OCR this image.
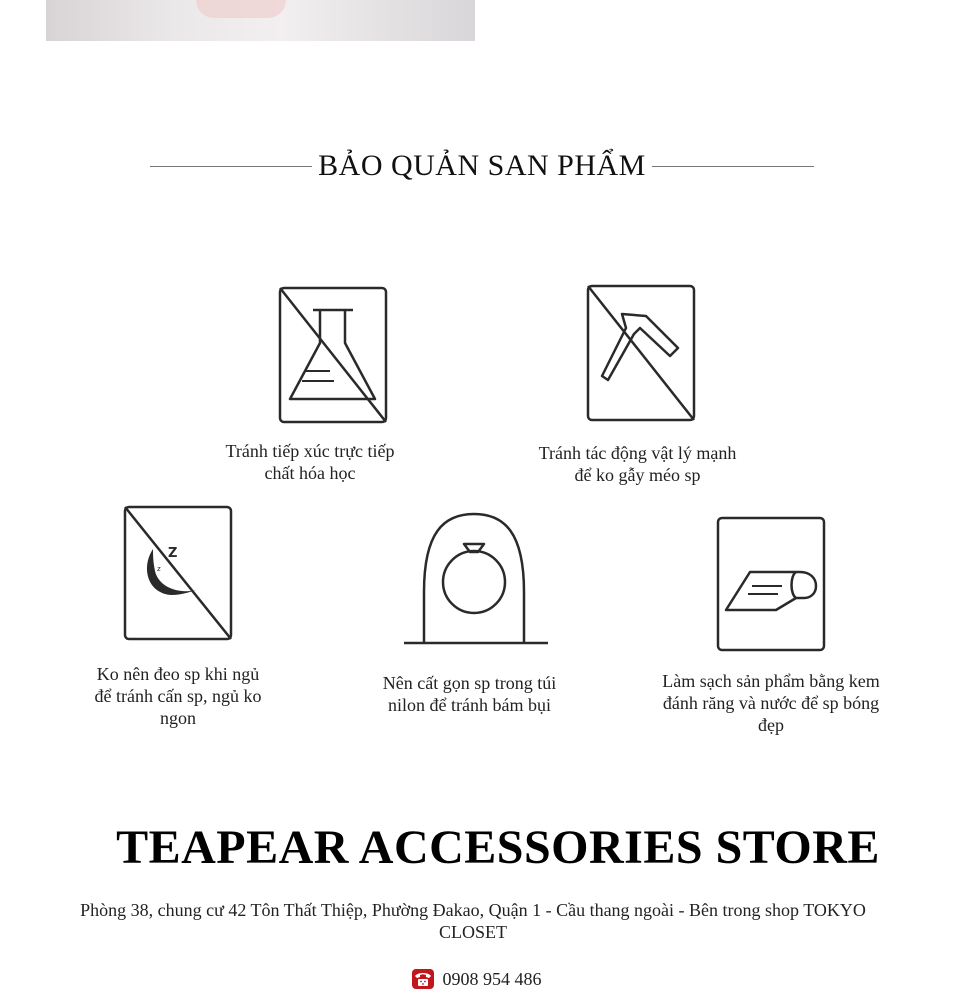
BẢO QUẢN SAN PHẨM
Tránh tiếp xúc trực tiếp chất hóa học
Tránh tác động vật lý mạnh để ko gẫy méo sp
Z
z
Ko nên đeo sp khi ngủ để tránh cấn sp, ngủ ko ngon
Nên cất gọn sp trong túi nilon để tránh bám bụi
Làm sạch sản phẩm bằng kem đánh răng và nước để sp bóng đẹp
TEAPEAR ACCESSORIES STORE
Phòng 38, chung cư 42 Tôn Thất Thiệp, Phường Đakao, Quận 1 - Cầu thang ngoài - Bên trong shop TOKYO CLOSET
0908 954 486
